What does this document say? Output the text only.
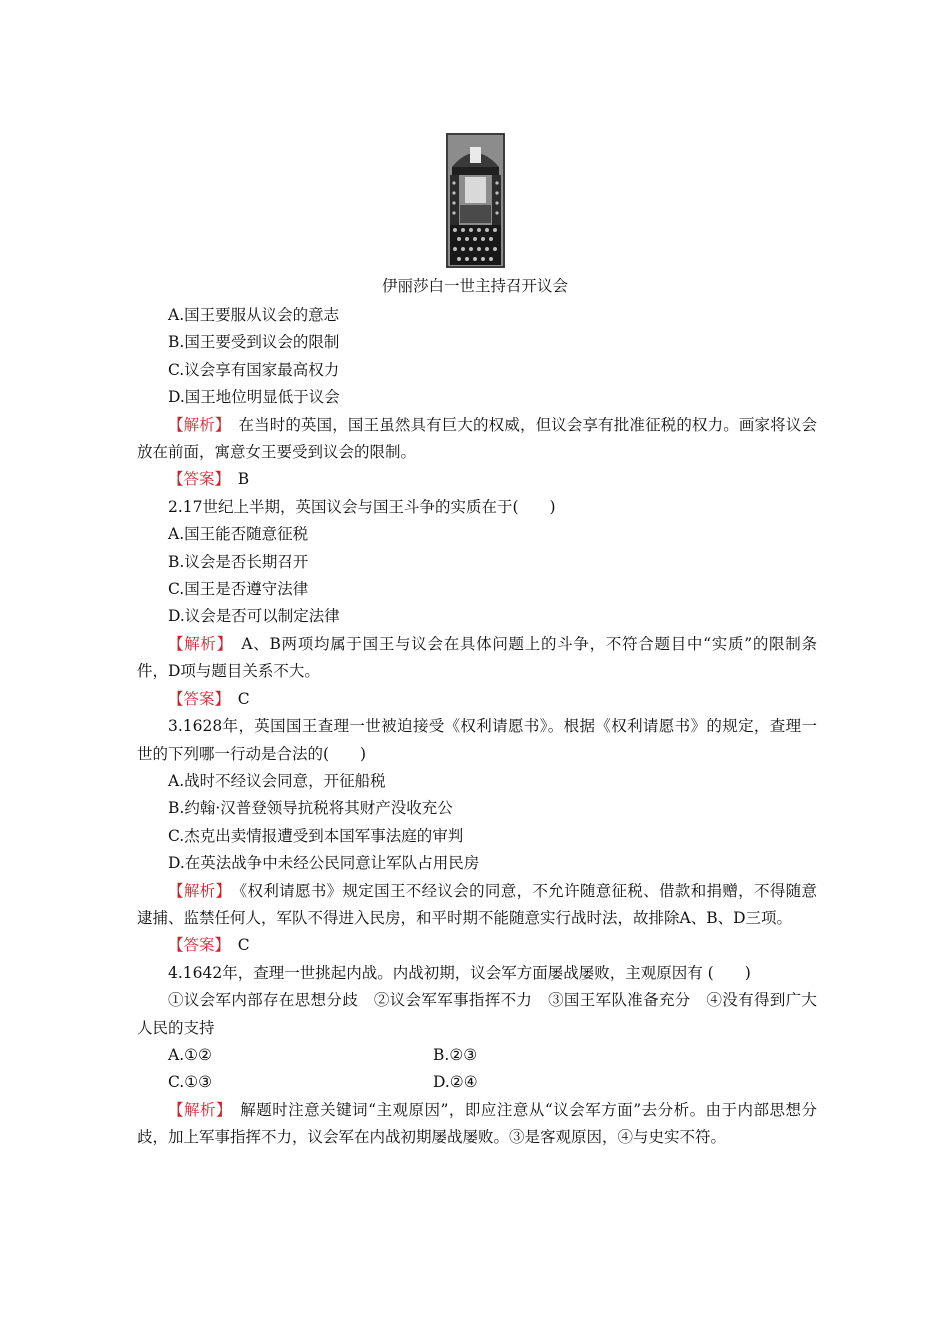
伊丽莎白一世主持召开议会
A.国王要服从议会的意志
B.国王要受到议会的限制
C.议会享有国家最高权力
D.国王地位明显低于议会
【解析】　 在当时的英国，国王虽然具有巨大的权威，但议会享有批准征税的权力。画家将议会放在前面，寓意女王要受到议会的限制。
【答案】　 B
2.17世纪上半期，英国议会与国王斗争的实质在于(　　)
A.国王能否随意征税
B.议会是否长期召开
C.国王是否遵守法律
D.议会是否可以制定法律
【解析】　 A、B两项均属于国王与议会在具体问题上的斗争，不符合题目中“实质”的限制条件，D项与题目关系不大。
【答案】　 C
3.1628年，英国国王查理一世被迫接受《权利请愿书》。根据《权利请愿书》的规定，查理一世的下列哪一行动是合法的(　　)
A.战时不经议会同意，开征船税
B.约翰·汉普登领导抗税将其财产没收充公
C.杰克出卖情报遭受到本国军事法庭的审判
D.在英法战争中未经公民同意让军队占用民房
【解析】　 《权利请愿书》规定国王不经议会的同意，不允许随意征税、借款和捐赠，不得随意逮捕、监禁任何人，军队不得进入民房，和平时期不能随意实行战时法，故排除A、B、D三项。
【答案】　 C
4.1642年，查理一世挑起内战。内战初期，议会军方面屡战屡败，主观原因有 (　　)
①议会军内部存在思想分歧　②议会军军事指挥不力　③国王军队准备充分　④没有得到广大人民的支持
A.①②	B.②③
C.①③	D.②④
【解析】　 解题时注意关键词“主观原因”，即应注意从“议会军方面”去分析。由于内部思想分歧，加上军事指挥不力，议会军在内战初期屡战屡败。③是客观原因，④与史实不符。
